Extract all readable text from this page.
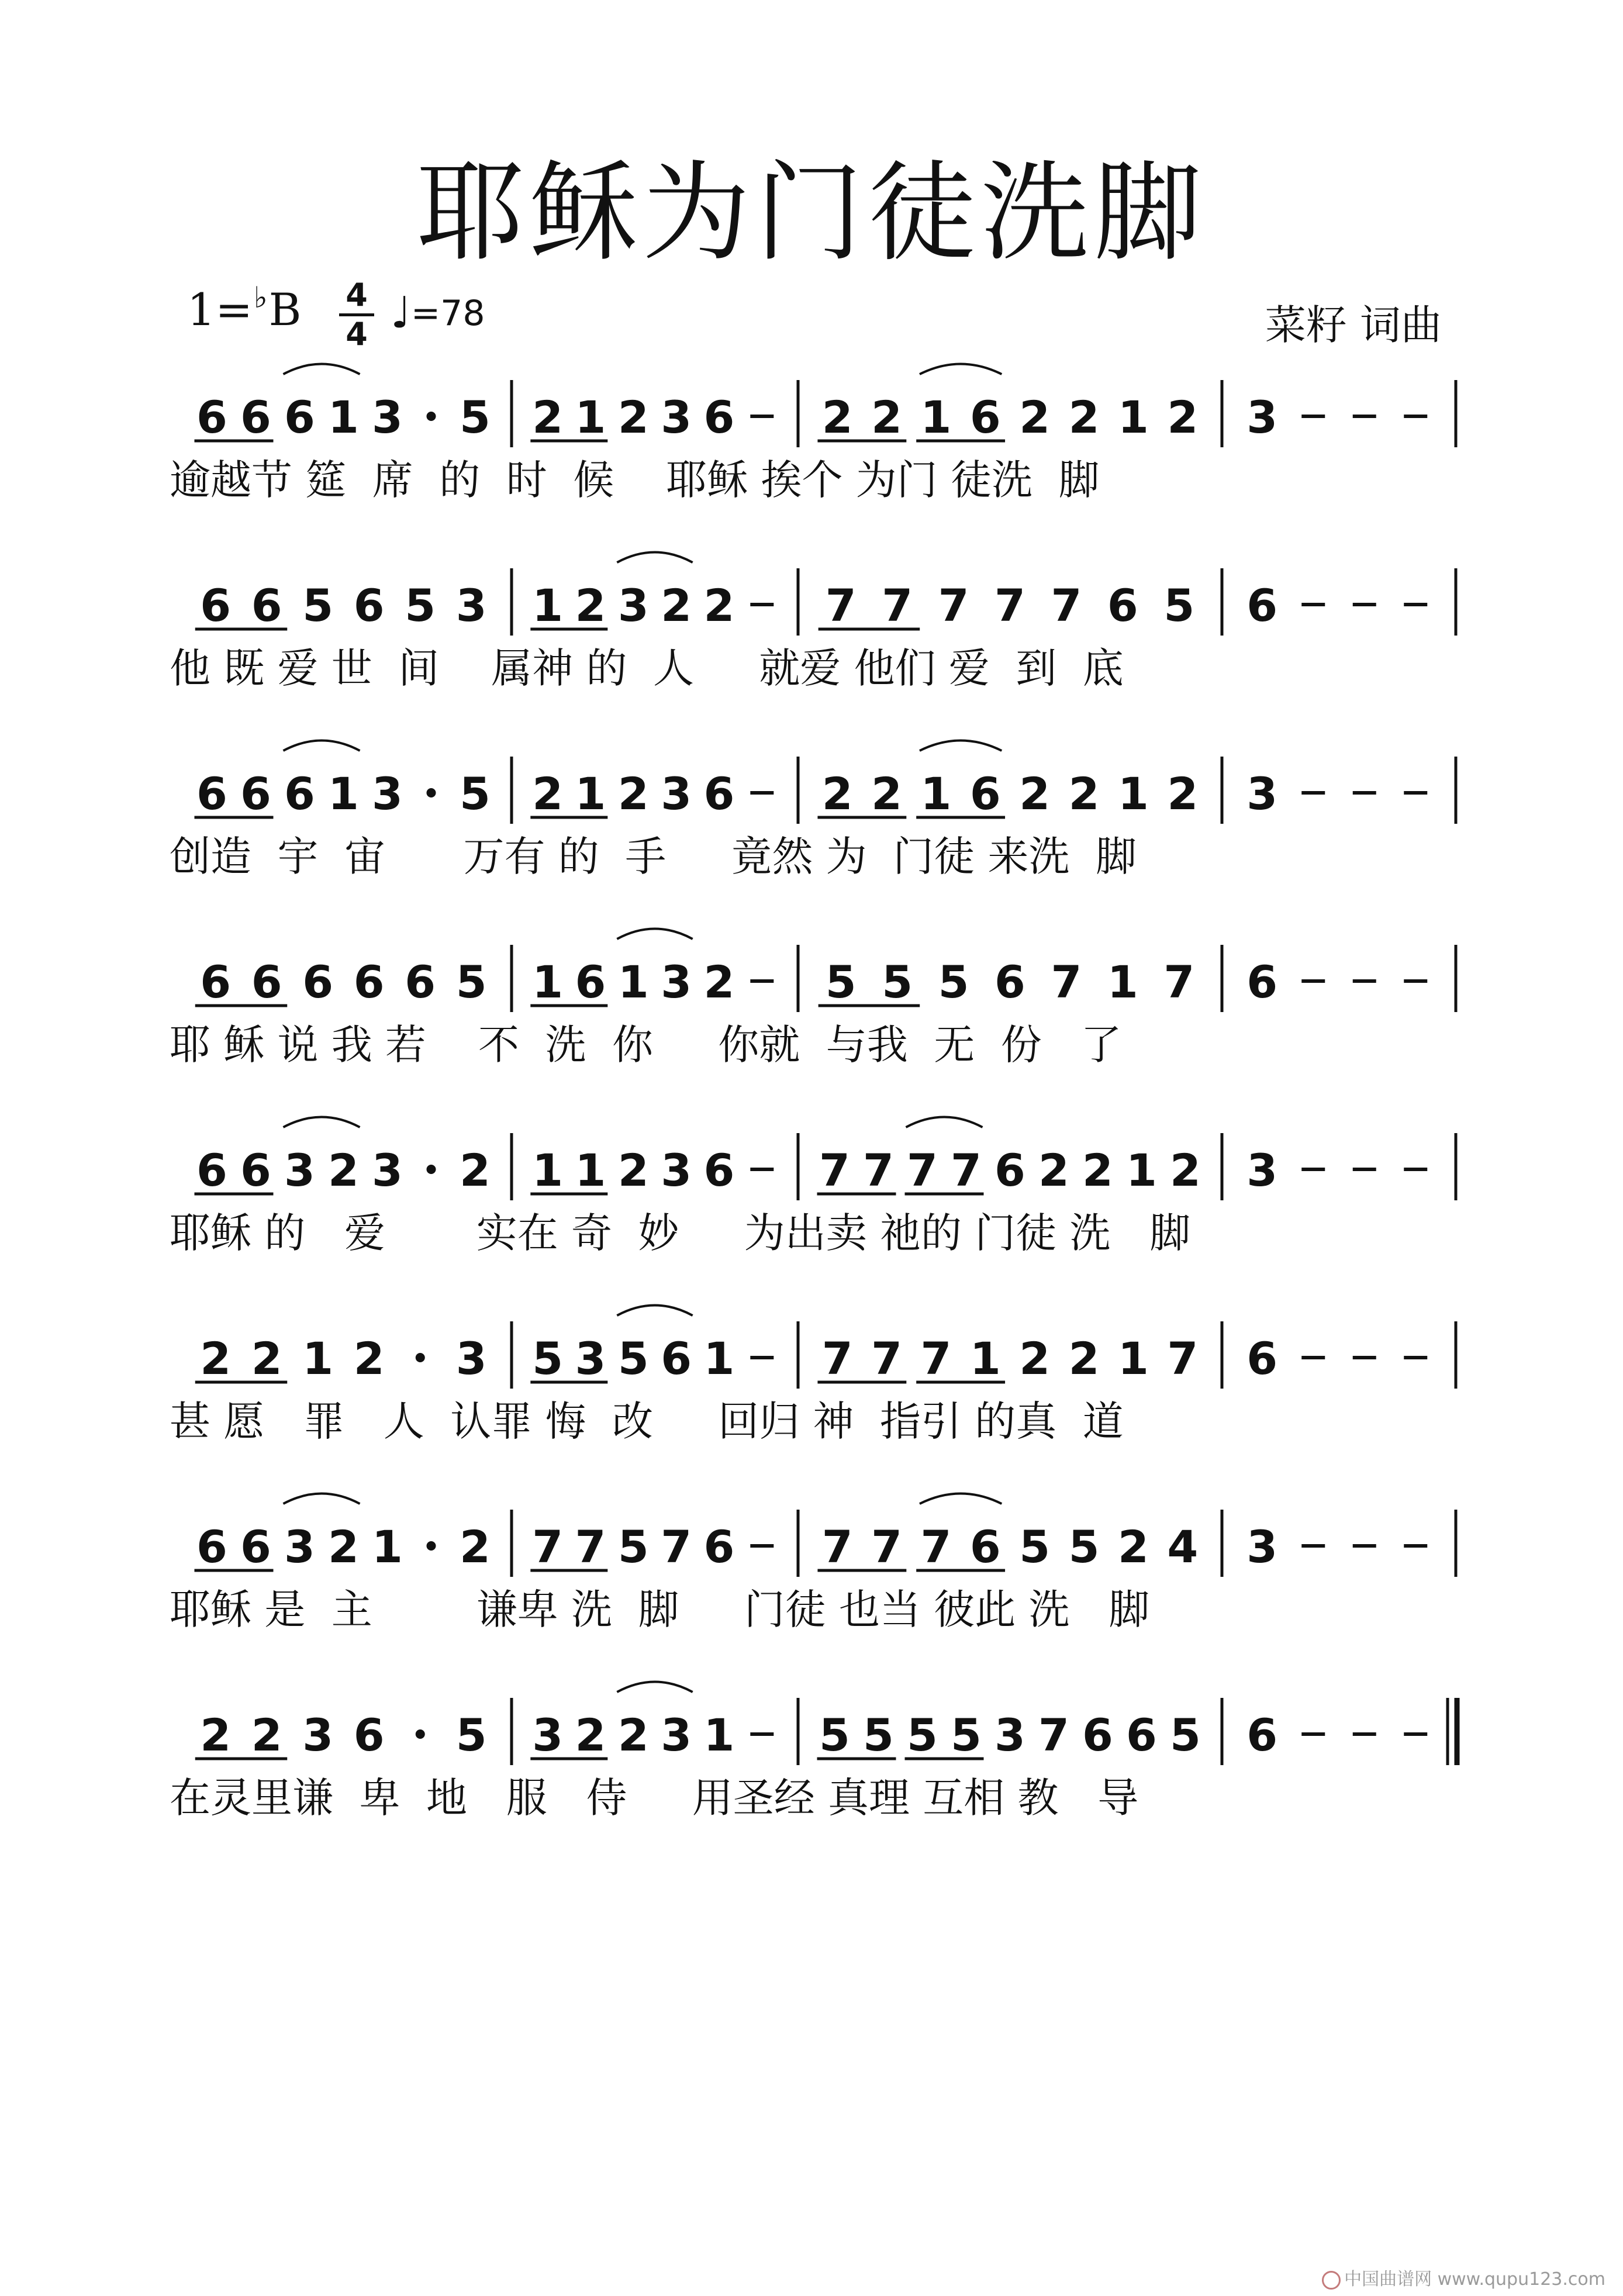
耶稣为门徒洗脚
1=♭B 4
4 ♩=78	菜籽 词曲
6 6 6 1 3 5 2 1 2 3 6 2 2 1 6 2 2 1 2 3
6 6 5 6 5 3 1 2 3 2 2 7 7 7 7 7 6 5 6
6 6 6 1 3 5 2 1 2 3 6 2 2 1 6 2 2 1 2 3
6 6 6 6 6 5 1 6 1 3 2 5 5 5 6 7 1 7 6
6 6 3 2 3 2 1 1 2 3 6 7 7 7 7 6 2 2 1 2 3
2 2 1 2 3 5 3 5 6 1 7 7 7 1 2 2 1 7 6
6 6 3 2 1 2 7 7 5 7 6 7 7 7 6 5 5 2 4 3
2 2 3 6 5 3 2 2 3 1 5 5 5 5 3 7 6 6 5 6
逾越节 筵  席  的  时  候    耶稣 挨个 为门 徒洗  脚
他 既 爱 世  间    属神 的  人     就爱 他们 爱  到  底
创造  宇  宙      万有 的  手     竟然 为  门徒 来洗  脚
耶 稣 说 我 若    不  洗  你     你就  与我  无  份   了
耶稣 的   爱       实在 奇  妙     为出卖 祂的 门徒 洗   脚
甚 愿   罪   人  认罪 悔  改     回归 神  指引 的真  道
耶稣 是  主        谦卑 洗  脚     门徒 也当 彼此 洗   脚
在灵里谦  卑  地   服   侍     用圣经 真理 互相 教   导
中国曲谱网 www.qupu123.com
